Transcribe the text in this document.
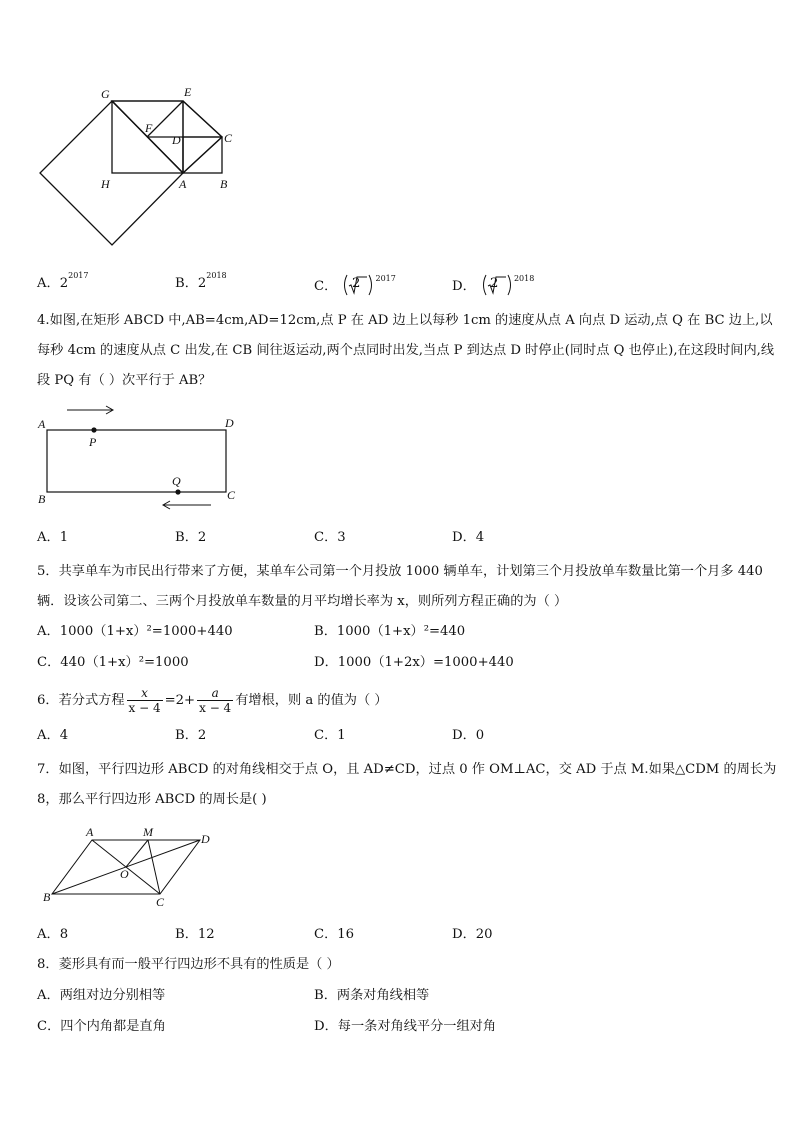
G	E
F
D	C
H	A	B
A．$2^{2017}$
B．$2^{2018}$
C． 2 $^{2017}$
D． 2 $^{2018}$
4.如图,在矩形 ABCD 中,AB=4cm,AD=12cm,点 P 在 AD 边上以每秒 1cm 的速度从点 A 向点 D 运动,点 Q 在 BC 边上,以每秒 4cm 的速度从点 C 出发,在 CB 间往返运动,两个点同时出发,当点 P 到达点 D 时停止(同时点 Q 也停止),在这段时间内,线段 PQ 有（ ）次平行于 AB？
A	D
P
Q
B	C
A．1	B．2	C．3	D．4
5．共享单车为市民出行带来了方便，某单车公司第一个月投放 1000 辆单车，计划第三个月投放单车数量比第一个月多 440 辆．设该公司第二、三两个月投放单车数量的月平均增长率为 x，则所列方程正确的为（ ）
A．1000（1+x）²=1000+440	B．1000（1+x）²=440
C．440（1+x）²=1000	D．1000（1+2x）=1000+440
6．若分式方程 $\frac{x}{x - 4} =2+ \frac{a}{x - 4}$ 有增根，则 a 的值为（ ）
A．4	B．2	C．1	D．0
7．如图，平行四边形 ABCD 的对角线相交于点 O，且 AD≠CD，过点 0 作 OM⊥AC，交 AD 于点 M.如果△CDM 的周长为 8，那么平行四边形 ABCD 的周长是( )
A	M	D
O
B	C
A．8	B．12	C．16	D．20
8．菱形具有而一般平行四边形不具有的性质是（ ）
A．两组对边分别相等	B．两条对角线相等
C．四个内角都是直角	D．每一条对角线平分一组对角
